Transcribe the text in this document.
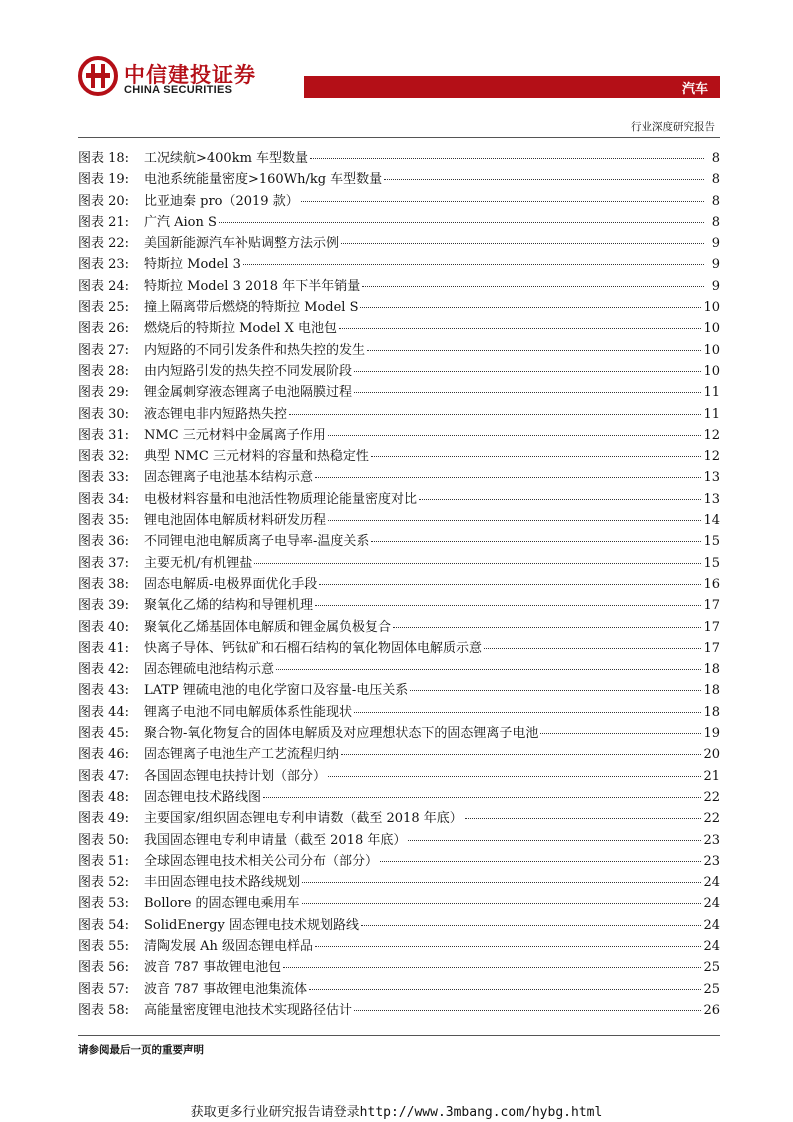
中信建投证券
CHINA SECURITIES	汽车
行业深度研究报告
图表 18:	工况续航>400km 车型数量	8
图表 19:	电池系统能量密度>160Wh/kg 车型数量	8
图表 20:	比亚迪秦 pro（2019 款）	8
图表 21:	广汽 Aion S	8
图表 22:	美国新能源汽车补贴调整方法示例	9
图表 23:	特斯拉 Model 3	9
图表 24:	特斯拉 Model 3 2018 年下半年销量	9
图表 25:	撞上隔离带后燃烧的特斯拉 Model S	10
图表 26:	燃烧后的特斯拉 Model X 电池包	10
图表 27:	内短路的不同引发条件和热失控的发生	10
图表 28:	由内短路引发的热失控不同发展阶段	10
图表 29:	锂金属刺穿液态锂离子电池隔膜过程	11
图表 30:	液态锂电非内短路热失控	11
图表 31:	NMC 三元材料中金属离子作用	12
图表 32:	典型 NMC 三元材料的容量和热稳定性	12
图表 33:	固态锂离子电池基本结构示意	13
图表 34:	电极材料容量和电池活性物质理论能量密度对比	13
图表 35:	锂电池固体电解质材料研发历程	14
图表 36:	不同锂电池电解质离子电导率-温度关系	15
图表 37:	主要无机/有机锂盐	15
图表 38:	固态电解质-电极界面优化手段	16
图表 39:	聚氧化乙烯的结构和导锂机理	17
图表 40:	聚氧化乙烯基固体电解质和锂金属负极复合	17
图表 41:	快离子导体、钙钛矿和石榴石结构的氧化物固体电解质示意	17
图表 42:	固态锂硫电池结构示意	18
图表 43:	LATP 锂硫电池的电化学窗口及容量-电压关系	18
图表 44:	锂离子电池不同电解质体系性能现状	18
图表 45:	聚合物-氧化物复合的固体电解质及对应理想状态下的固态锂离子电池	19
图表 46:	固态锂离子电池生产工艺流程归纳	20
图表 47:	各国固态锂电扶持计划（部分）	21
图表 48:	固态锂电技术路线图	22
图表 49:	主要国家/组织固态锂电专利申请数（截至 2018 年底）	22
图表 50:	我国固态锂电专利申请量（截至 2018 年底）	23
图表 51:	全球固态锂电技术相关公司分布（部分）	23
图表 52:	丰田固态锂电技术路线规划	24
图表 53:	Bollore 的固态锂电乘用车	24
图表 54:	SolidEnergy 固态锂电技术规划路线	24
图表 55:	清陶发展 Ah 级固态锂电样品	24
图表 56:	波音 787 事故锂电池包	25
图表 57:	波音 787 事故锂电池集流体	25
图表 58:	高能量密度锂电池技术实现路径估计	26
请参阅最后一页的重要声明
获取更多行业研究报告请登录http://www.3mbang.com/hybg.html
